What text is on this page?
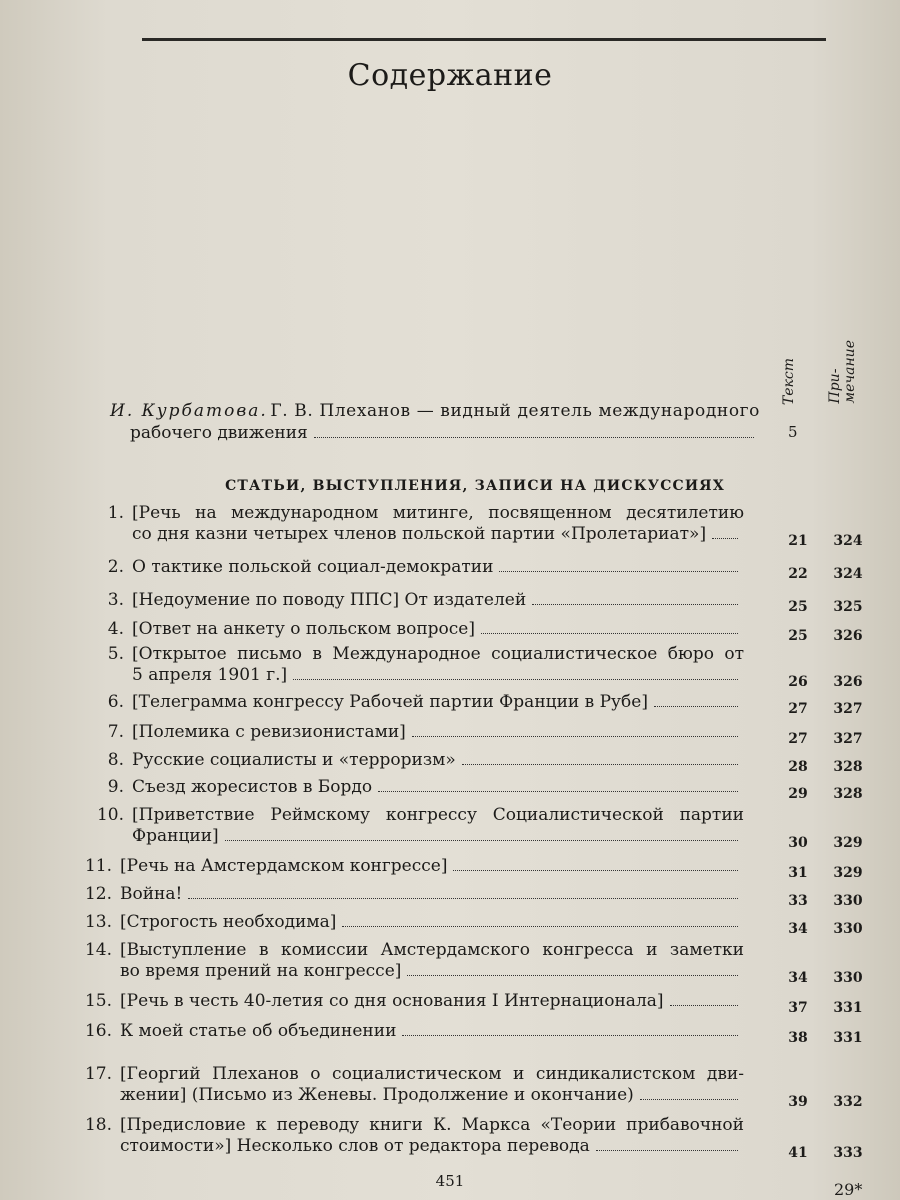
Содержание
Текст При-
мечание
И. Курбатова. Г. В. Плеханов — видный деятель международного
рабочего движения	5
СТАТЬИ, ВЫСТУПЛЕНИЯ, ЗАПИСИ НА ДИСКУССИЯХ
1. [Речь на международном митинге, посвященном десятилетию
со дня казни четырех членов польской партии «Пролетариат»]	21	324
2. О тактике польской социал-демократии	22	324
3. [Недоумение по поводу ППС] От издателей	25	325
4. [Ответ на анкету о польском вопросе]	25	326
5. [Открытое письмо в Международное социалистическое бюро от
5 апреля 1901 г.]	26	326
6. [Телеграмма конгрессу Рабочей партии Франции в Рубе]	27	327
7. [Полемика с ревизионистами]	27	327
8. Русские социалисты и «терроризм»	28	328
9. Съезд жоресистов в Бордо	29	328
10. [Приветствие Реймскому конгрессу Социалистической партии
Франции]	30	329
11. [Речь на Амстердамском конгрессе]	31	329
12. Война!	33	330
13. [Строгость необходима]	34	330
14. [Выступление в комиссии Амстердамского конгресса и заметки
во время прений на конгрессе]	34	330
15. [Речь в честь 40-летия со дня основания I Интернационала]	37	331
16. К моей статье об объединении	38	331
17. [Георгий Плеханов о социалистическом и синдикалистском дви-
жении] (Письмо из Женевы. Продолжение и окончание)	39	332
18. [Предисловие к переводу книги К. Маркса «Теории прибавочной
стоимости»] Несколько слов от редактора перевода	41	333
451	29*
